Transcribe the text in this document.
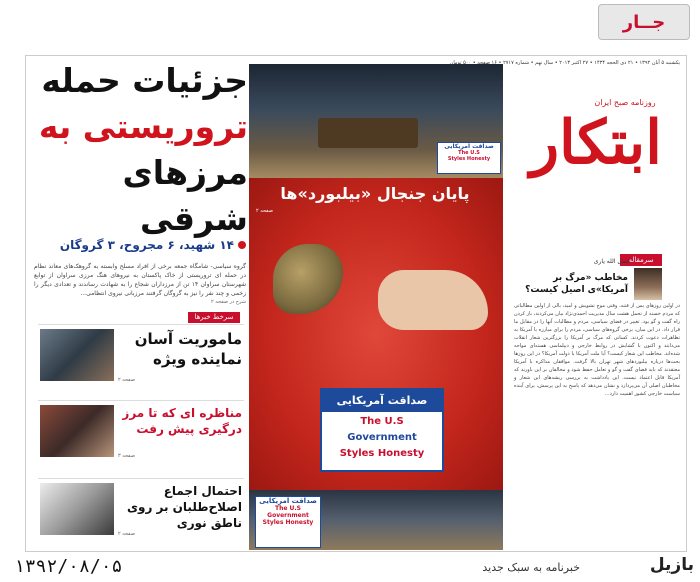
جــار
جزئیات حمله
تروریستی به
مرزهای شرقی
۱۴ شهید، ۶ مجروح، ۳ گروگان
گروه سیاسی- شامگاه جمعه برخی از افراد مسلح وابسته به گروهک‌های معاند نظام در حمله ای تروریستی از خاک پاکستان به نیروهای هنگ مرزی سراوان از توابع شهرستان سراوان ۱۴ تن از مرزداران شجاع را به شهادت رساندند و تعدادی دیگر را زخمی و چند نفر را نیز به گروگان گرفتند مرزبانی نیروی انتظامی...
شرح در صفحه ۲
سرخط خبرها
ماموریت آسان نماینده ویژه
صفحه ۲
مناظره ای که تا مرز درگیری پیش رفت
صفحه ۳
احتمال اجماع اصلاح‌طلبان بر روی ناطق نوری
صفحه ۲
صداقت آمریکایی
The U.S
Styles Honesty
پایان جنجال «بیلبورد»ها
صفحه ۲
صداقت آمریکایی
The U.S
Government
Styles Honesty
صداقت آمریکایی
The U.S
Government
Styles Honesty
یکشنبه ۵ آبان ۱۳۹۲ • ۲۱ ذی الحجه ۱۴۳۴ • ۲۷ اکتبر ۲۰۱۳ • سال نهم • شماره ۲۷۱۷ • ۱۶ صفحه • ۵۰۰ تومان
ابتکار
روزنامه صبح ایران
سرمقاله
فضل الله یاری
مخاطب «مرگ بر آمریکا»ی اصیل کیست؟
در اولین روزهای پس از فتنه، وقتی موج تشویش و امید، بالی از اولین مطالباتی که مردم خسته از تحمل هشت سال مدیریت احمدی‌نژاد بیان می‌کردند، باز کردن راه گفت و گو بود. تغییر در فضای سیاسی، مردم و مطالبات آنها را در مقابل ما قرار داد. در این میان، برخی گروه‌های سیاسی، مردم را برای مبارزه با آمریکا به تظاهرات دعوت کردند. کسانی که مرگ بر آمریکا را بزرگترین شعار انقلاب می‌دانند و اکنون با گشایش در روابط خارجی و دیپلماسی هسته‌ای مواجه شده‌اند. مخاطب این شعار کیست؟ آیا ملت آمریکا یا دولت آمریکا؟ در این روزها بحث‌ها درباره بیلبوردهای شهر تهران بالا گرفت. موافقان مذاکره با آمریکا معتقدند که باید فضای گفت و گو و تعامل حفظ شود و مخالفان بر این باورند که آمریکا قابل اعتماد نیست. این یادداشت به بررسی ریشه‌های این شعار و مخاطبان اصلی آن می‌پردازد و نشان می‌دهد که پاسخ به این پرسش، برای آینده سیاست خارجی کشور اهمیت دارد...
۱۳۹۲/۰۸/۰۵	خبرنامه به سبک جدید	بازیل
